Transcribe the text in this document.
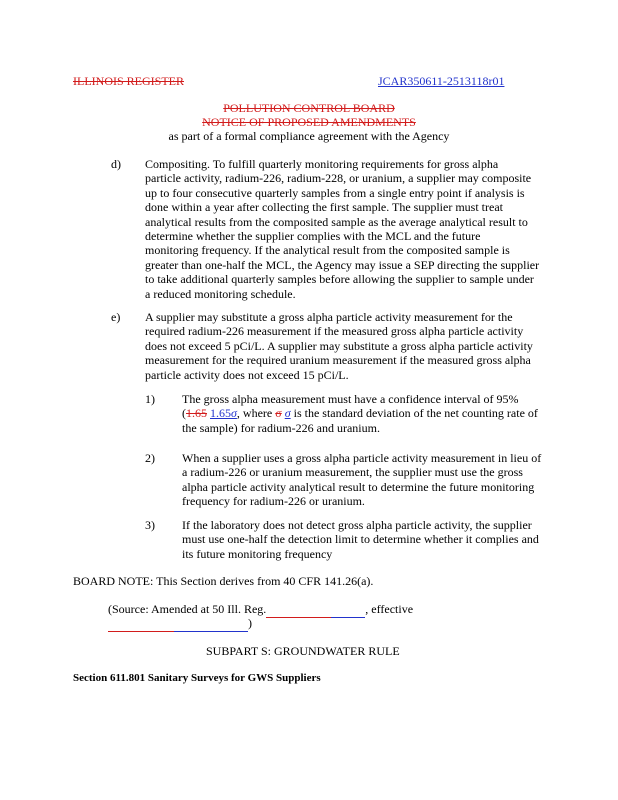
ILLINOIS REGISTER	JCAR350611-2513118r01
POLLUTION CONTROL BOARD
NOTICE OF PROPOSED AMENDMENTS
as part of a formal compliance agreement with the Agency
d) Compositing. To fulfill quarterly monitoring requirements for gross alpha
particle activity, radium-226, radium-228, or uranium, a supplier may composite
up to four consecutive quarterly samples from a single entry point if analysis is
done within a year after collecting the first sample. The supplier must treat
analytical results from the composited sample as the average analytical result to
determine whether the supplier complies with the MCL and the future
monitoring frequency. If the analytical result from the composited sample is
greater than one-half the MCL, the Agency may issue a SEP directing the supplier
to take additional quarterly samples before allowing the supplier to sample under
a reduced monitoring schedule.
e) A supplier may substitute a gross alpha particle activity measurement for the
required radium-226 measurement if the measured gross alpha particle activity
does not exceed 5 pCi/L. A supplier may substitute a gross alpha particle activity
measurement for the required uranium measurement if the measured gross alpha
particle activity does not exceed 15 pCi/L.
1) The gross alpha measurement must have a confidence interval of 95%
(1.65 1.65σ, where σ σ is the standard deviation of the net counting rate of
the sample) for radium-226 and uranium.
2) When a supplier uses a gross alpha particle activity measurement in lieu of
a radium-226 or uranium measurement, the supplier must use the gross
alpha particle activity analytical result to determine the future monitoring
frequency for radium-226 or uranium.
3) If the laboratory does not detect gross alpha particle activity, the supplier
must use one-half the detection limit to determine whether it complies and
its future monitoring frequency
BOARD NOTE: This Section derives from 40 CFR 141.26(a).
(Source: Amended at 50 Ill. Reg.	, effective
)
SUBPART S: GROUNDWATER RULE
Section 611.801 Sanitary Surveys for GWS Suppliers
